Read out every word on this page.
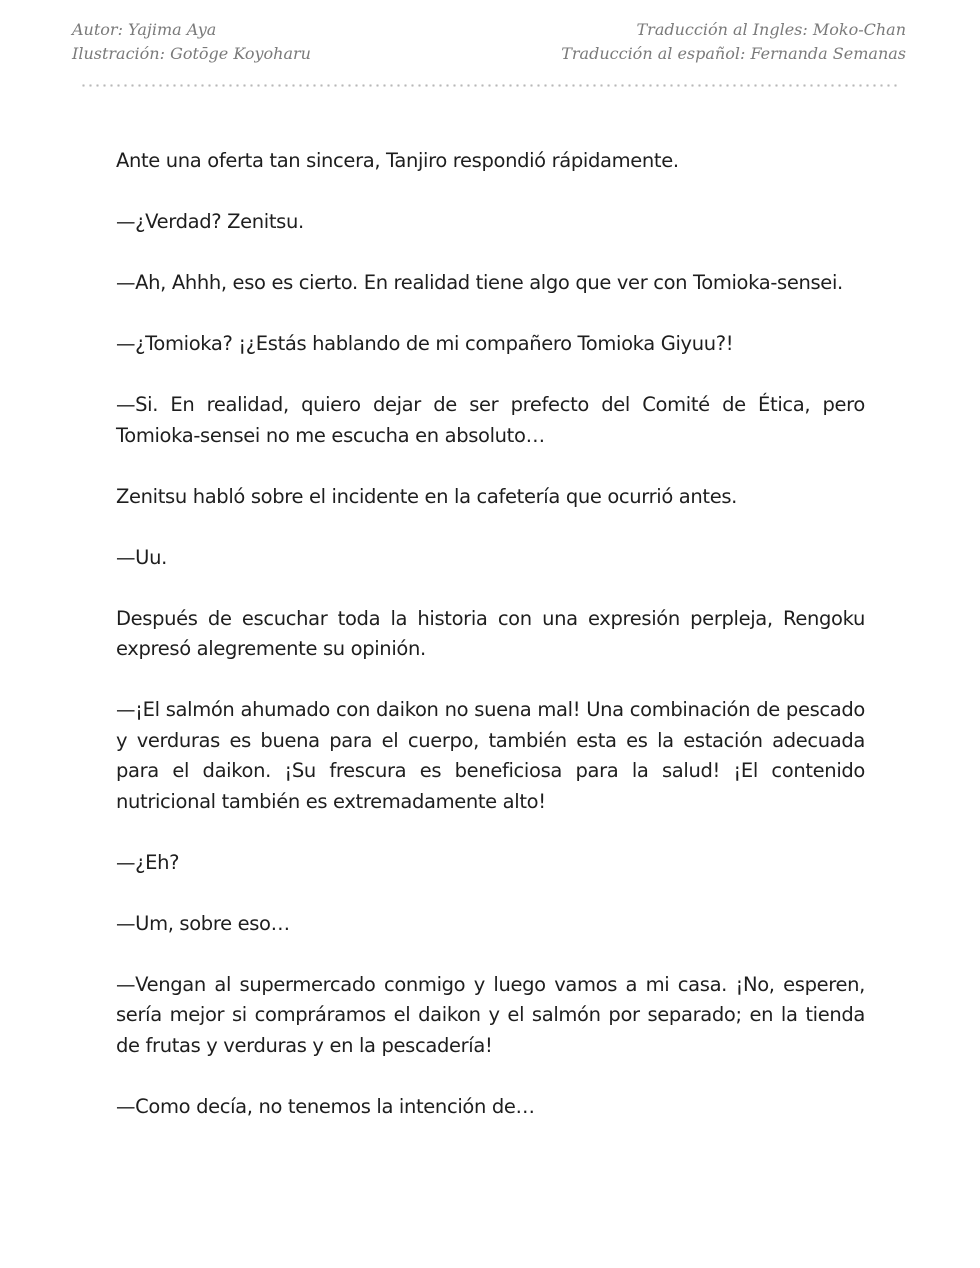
Autor: Yajima Aya
Ilustración: Gotōge Koyoharu
Traducción al Ingles: Moko-Chan
Traducción al español: Fernanda Semanas

Ante una oferta tan sincera, Tanjiro respondió rápidamente.

—¿Verdad? Zenitsu.

—Ah, Ahhh, eso es cierto. En realidad tiene algo que ver con Tomioka-sensei.

—¿Tomioka? ¡¿Estás hablando de mi compañero Tomioka Giyuu?!

—Si. En realidad, quiero dejar de ser prefecto del Comité de Ética, pero Tomioka-sensei no me escucha en absoluto…

Zenitsu habló sobre el incidente en la cafetería que ocurrió antes.

—Uu.

Después de escuchar toda la historia con una expresión perpleja, Rengoku expresó alegremente su opinión.

—¡El salmón ahumado con daikon no suena mal! Una combinación de pescado y verduras es buena para el cuerpo, también esta es la estación adecuada para el daikon. ¡Su frescura es beneficiosa para la salud! ¡El contenido nutricional también es extremadamente alto!

—¿Eh?

—Um, sobre eso…

—Vengan al supermercado conmigo y luego vamos a mi casa. ¡No, esperen, sería mejor si compráramos el daikon y el salmón por separado; en la tienda de frutas y verduras y en la pescadería!

—Como decía, no tenemos la intención de…
